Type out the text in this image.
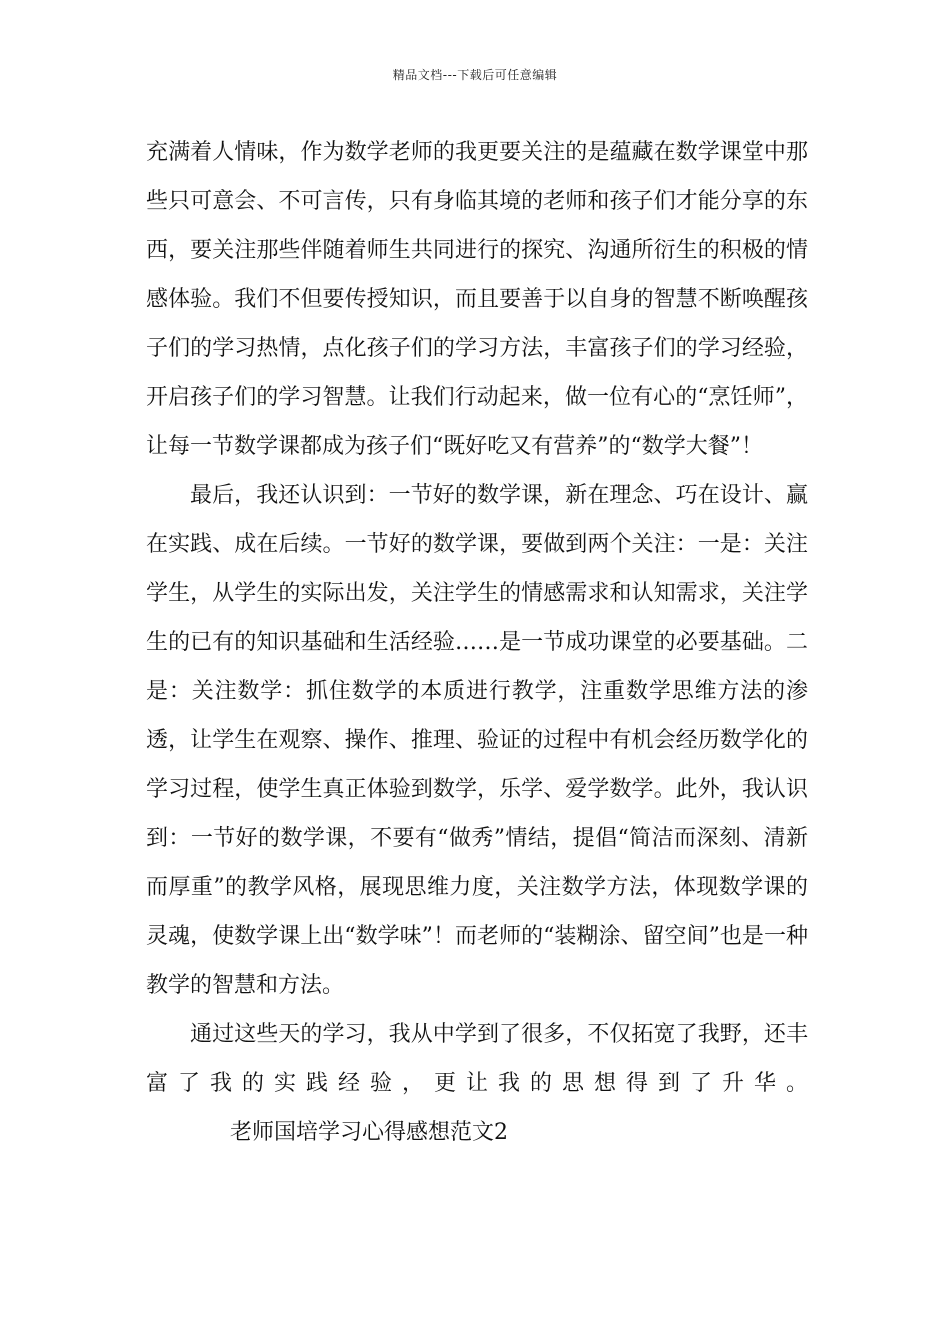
精品文档---下载后可任意编辑

充满着人情味，作为数学老师的我更要关注的是蕴藏在数学课堂中那些只可意会、不可言传，只有身临其境的老师和孩子们才能分享的东西，要关注那些伴随着师生共同进行的探究、沟通所衍生的积极的情感体验。我们不但要传授知识，而且要善于以自身的智慧不断唤醒孩子们的学习热情，点化孩子们的学习方法，丰富孩子们的学习经验，开启孩子们的学习智慧。让我们行动起来，做一位有心的“烹饪师”，让每一节数学课都成为孩子们“既好吃又有营养”的“数学大餐”！

最后，我还认识到：一节好的数学课，新在理念、巧在设计、赢在实践、成在后续。一节好的数学课，要做到两个关注：一是：关注学生，从学生的实际出发，关注学生的情感需求和认知需求，关注学生的已有的知识基础和生活经验……是一节成功课堂的必要基础。二是：关注数学：抓住数学的本质进行教学，注重数学思维方法的渗透，让学生在观察、操作、推理、验证的过程中有机会经历数学化的学习过程，使学生真正体验到数学，乐学、爱学数学。此外，我认识到：一节好的数学课，不要有“做秀”情结，提倡“简洁而深刻、清新而厚重”的教学风格，展现思维力度，关注数学方法，体现数学课的灵魂，使数学课上出“数学味”！而老师的“装糊涂、留空间”也是一种教学的智慧和方法。

通过这些天的学习，我从中学到了很多，不仅拓宽了我野，还丰富了我的实践经验，更让我的思想得到了升华。老师国培学习心得感想范文2
